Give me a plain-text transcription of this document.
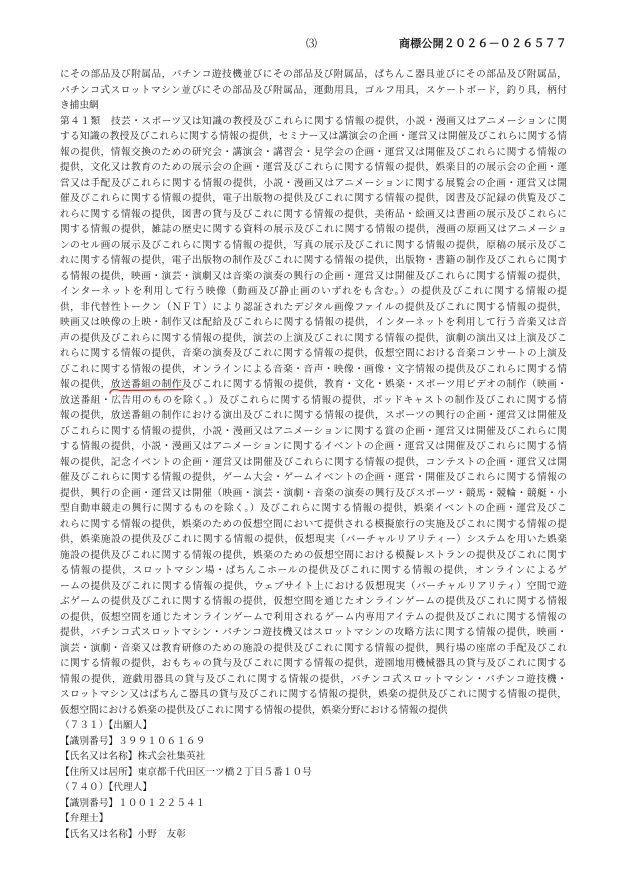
⑶	商標公開２０２６－０２６５７７
にその部品及び附属品，パチンコ遊技機並びにその部品及び附属品，ぱちんこ器具並びにその部品及び附属品，
パチンコ式スロットマシン並びにその部品及び附属品，運動用具，ゴルフ用具，スケートボード，釣り具，柄付
き捕虫網
第４１類　技芸・スポーツ又は知識の教授及びこれらに関する情報の提供，小説・漫画又はアニメーションに関
する知識の教授及びこれらに関する情報の提供，セミナー又は講演会の企画・運営又は開催及びこれらに関する情
報の提供，情報交換のための研究会・講演会・講習会・見学会の企画・運営又は開催及びこれらに関する情報の
提供，文化又は教育のための展示会の企画・運営及びこれらに関する情報の提供，娯楽目的の展示会の企画・運
営又は手配及びこれらに関する情報の提供，小説・漫画又はアニメーションに関する展覧会の企画・運営又は開
催及びこれらに関する情報の提供，電子出版物の提供及びこれに関する情報の提供，図書及び記録の供覧及びこ
れらに関する情報の提供，図書の貸与及びこれに関する情報の提供，美術品・絵画又は書画の展示及びこれらに
関する情報の提供，雑誌の歴史に関する資料の展示及びこれに関する情報の提供，漫画の原画又はアニメーショ
ンのセル画の展示及びこれらに関する情報の提供，写真の展示及びこれに関する情報の提供，原稿の展示及びこ
れに関する情報の提供，電子出版物の制作及びこれに関する情報の提供，出版物・書籍の制作及びこれらに関す
る情報の提供，映画・演芸・演劇又は音楽の演奏の興行の企画・運営又は開催及びこれらに関する情報の提供，
インターネットを利用して行う映像（動画及び静止画のいずれをも含む。）の提供及びこれに関する情報の提
供，非代替性トークン（ＮＦＴ）により認証されたデジタル画像ファイルの提供及びこれに関する情報の提供，
映画又は映像の上映・制作又は配給及びこれらに関する情報の提供，インターネットを利用して行う音楽又は音
声の提供及びこれらに関する情報の提供，演芸の上演及びこれに関する情報の提供，演劇の演出又は上演及びこ
れらに関する情報の提供，音楽の演奏及びこれに関する情報の提供，仮想空間における音楽コンサートの上演及
びこれに関する情報の提供，オンラインによる音楽・音声・映像・画像・文字情報の提供及びこれらに関する情
報の提供，放送番組の制作及びこれに関する情報の提供，教育・文化・娯楽・スポーツ用ビデオの制作（映画・
放送番組・広告用のものを除く。）及びこれらに関する情報の提供，ポッドキャストの制作及びこれに関する情
報の提供，放送番組の制作における演出及びこれに関する情報の提供，スポーツの興行の企画・運営又は開催及
びこれらに関する情報の提供，小説・漫画又はアニメーションに関する賞の企画・運営又は開催及びこれらに関
する情報の提供，小説・漫画又はアニメーションに関するイベントの企画・運営又は開催及びこれらに関する情
報の提供，記念イベントの企画・運営又は開催及びこれらに関する情報の提供，コンテストの企画・運営又は開
催及びこれらに関する情報の提供，ゲーム大会・ゲームイベントの企画・運営・開催及びこれらに関する情報の
提供，興行の企画・運営又は開催（映画・演芸・演劇・音楽の演奏の興行及びスポーツ・競馬・競輪・競艇・小
型自動車競走の興行に関するものを除く。）及びこれらに関する情報の提供，娯楽イベントの企画・運営及びこ
れらに関する情報の提供，娯楽のための仮想空間において提供される模擬旅行の実施及びこれに関する情報の提
供，娯楽施設の提供及びこれに関する情報の提供，仮想現実（バーチャルリアリティー）システムを用いた娯楽
施設の提供及びこれに関する情報の提供，娯楽のための仮想空間における模擬レストランの提供及びこれに関す
る情報の提供，スロットマシン場・ぱちんこホールの提供及びこれに関する情報の提供，オンラインによるゲ
ームの提供及びこれに関する情報の提供，ウェブサイト上における仮想現実（バーチャルリアリティ）空間で遊
ぶゲームの提供及びこれに関する情報の提供，仮想空間を通じたオンラインゲームの提供及びこれに関する情報
の提供，仮想空間を通じたオンラインゲームで利用されるゲーム内専用アイテムの提供及びこれに関する情報の
提供，パチンコ式スロットマシン・パチンコ遊技機又はスロットマシンの攻略方法に関する情報の提供，映画・
演芸・演劇・音楽又は教育研修のための施設の提供及びこれに関する情報の提供，興行場の座席の手配及びこれ
に関する情報の提供，おもちゃの貸与及びこれに関する情報の提供，遊園地用機械器具の貸与及びこれに関する
情報の提供，遊戯用器具の貸与及びこれに関する情報の提供，パチンコ式スロットマシン・パチンコ遊技機・
スロットマシン又はぱちんこ器具の貸与及びこれに関する情報の提供，娯楽の提供及びこれに関する情報の提供，
仮想空間における娯楽の提供及びこれに関する情報の提供，娯楽分野における情報の提供
（７３１）【出願人】
【識別番号】３９９１０６１６９
【氏名又は名称】株式会社集英社
【住所又は居所】東京都千代田区一ツ橋２丁目５番１０号
（７４０）【代理人】
【識別番号】１００１２２５４１
【弁理士】
【氏名又は名称】小野　友彰
